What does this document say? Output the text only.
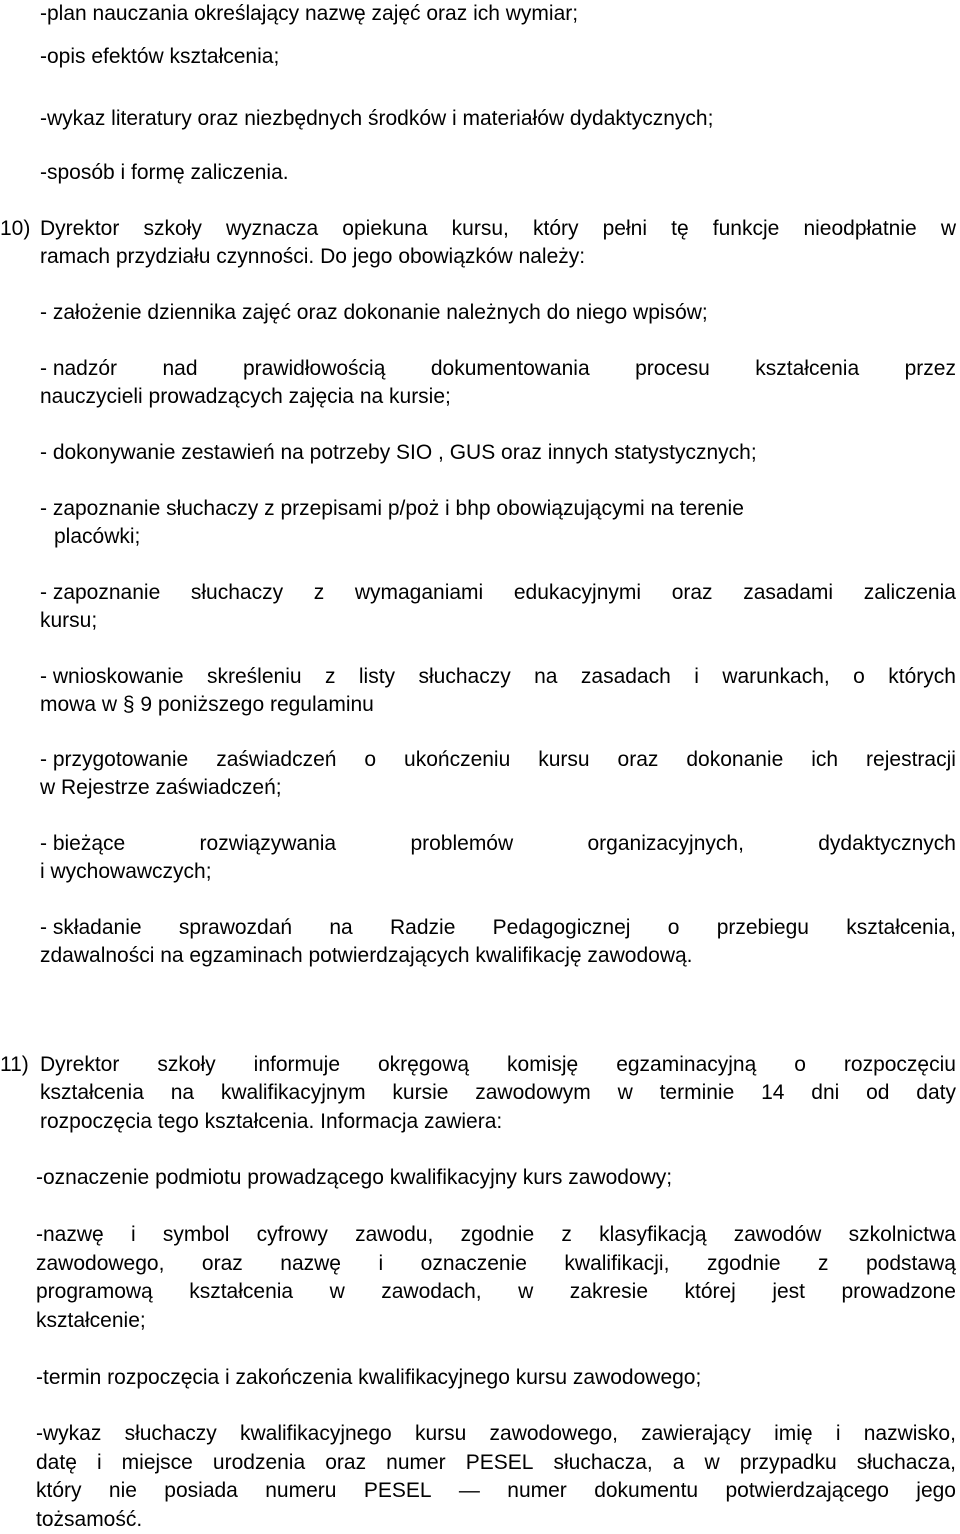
-plan nauczania określający nazwę zajęć oraz ich wymiar;
-opis efektów kształcenia;
-wykaz literatury oraz niezbędnych środków i materiałów dydaktycznych;
-sposób i formę zaliczenia.
10) Dyrektor szkoły wyznacza opiekuna kursu, który pełni tę funkcje nieodpłatnie w
ramach przydziału czynności. Do jego obowiązków należy:
- założenie dziennika zajęć oraz dokonanie należnych do niego wpisów;
- nadzór nad prawidłowością dokumentowania procesu kształcenia przez
nauczycieli prowadzących zajęcia na kursie;
- dokonywanie zestawień na potrzeby SIO , GUS oraz innych statystycznych;
- zapoznanie słuchaczy z przepisami p/poż i bhp obowiązującymi na terenie
placówki;
- zapoznanie słuchaczy z wymaganiami edukacyjnymi oraz zasadami zaliczenia
kursu;
- wnioskowanie skreśleniu z listy słuchaczy na zasadach i warunkach, o których
mowa w § 9 poniższego regulaminu
- przygotowanie zaświadczeń o ukończeniu kursu oraz dokonanie ich rejestracji
w Rejestrze zaświadczeń;
- bieżące	rozwiązywania	problemów	organizacyjnych,	dydaktycznych
i wychowawczych;
- składanie sprawozdań na Radzie Pedagogicznej o przebiegu kształcenia,
zdawalności na egzaminach potwierdzających kwalifikację zawodową.
11) Dyrektor szkoły informuje okręgową komisję egzaminacyjną o rozpoczęciu
kształcenia na kwalifikacyjnym kursie zawodowym w terminie 14 dni od daty
rozpoczęcia tego kształcenia. Informacja zawiera:
-oznaczenie podmiotu prowadzącego kwalifikacyjny kurs zawodowy;
-nazwę i symbol cyfrowy zawodu, zgodnie z klasyfikacją zawodów szkolnictwa
zawodowego, oraz nazwę i oznaczenie kwalifikacji, zgodnie z podstawą
programową kształcenia w zawodach, w zakresie której jest prowadzone
kształcenie;
-termin rozpoczęcia i zakończenia kwalifikacyjnego kursu zawodowego;
-wykaz słuchaczy kwalifikacyjnego kursu zawodowego, zawierający imię i nazwisko,
datę i miejsce urodzenia oraz numer PESEL słuchacza, a w przypadku słuchacza,
który nie posiada numeru PESEL — numer dokumentu potwierdzającego jego
tożsamość.
